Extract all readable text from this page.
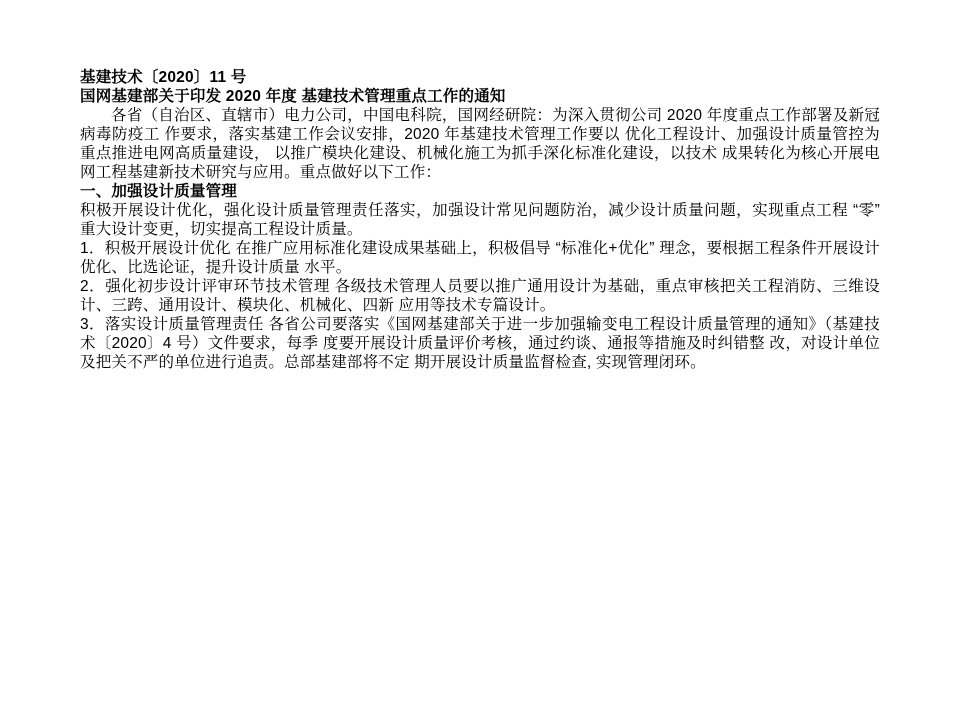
基建技术〔2020〕11 号

国网基建部关于印发 2020 年度 基建技术管理重点工作的通知

各省（自治区、直辖市）电力公司，中国电科院，国网经研院：为深入贯彻公司 2020 年度重点工作部署及新冠病毒防疫工 作要求，落实基建工作会议安排，2020 年基建技术管理工作要以 优化工程设计、加强设计质量管控为重点推进电网高质量建设， 以推广模块化建设、机械化施工为抓手深化标准化建设，以技术 成果转化为核心开展电网工程基建新技术研究与应用。重点做好以下工作：

一、加强设计质量管理

积极开展设计优化，强化设计质量管理责任落实，加强设计常见问题防治，减少设计质量问题，实现重点工程 “零” 重大设计变更，切实提高工程设计质量。

1．积极开展设计优化 在推广应用标准化建设成果基础上，积极倡导 “标准化+优化” 理念，要根据工程条件开展设计优化、比选论证，提升设计质量 水平。

2．强化初步设计评审环节技术管理 各级技术管理人员要以推广通用设计为基础，重点审核把关工程消防、三维设计、三跨、通用设计、模块化、机械化、四新 应用等技术专篇设计。

3．落实设计质量管理责任 各省公司要落实《国网基建部关于进一步加强输变电工程设计质量管理的通知》（基建技术〔2020〕4 号）文件要求，每季 度要开展设计质量评价考核，通过约谈、通报等措施及时纠错整 改，对设计单位及把关不严的单位进行追责。总部基建部将不定 期开展设计质量监督检查, 实现管理闭环。
